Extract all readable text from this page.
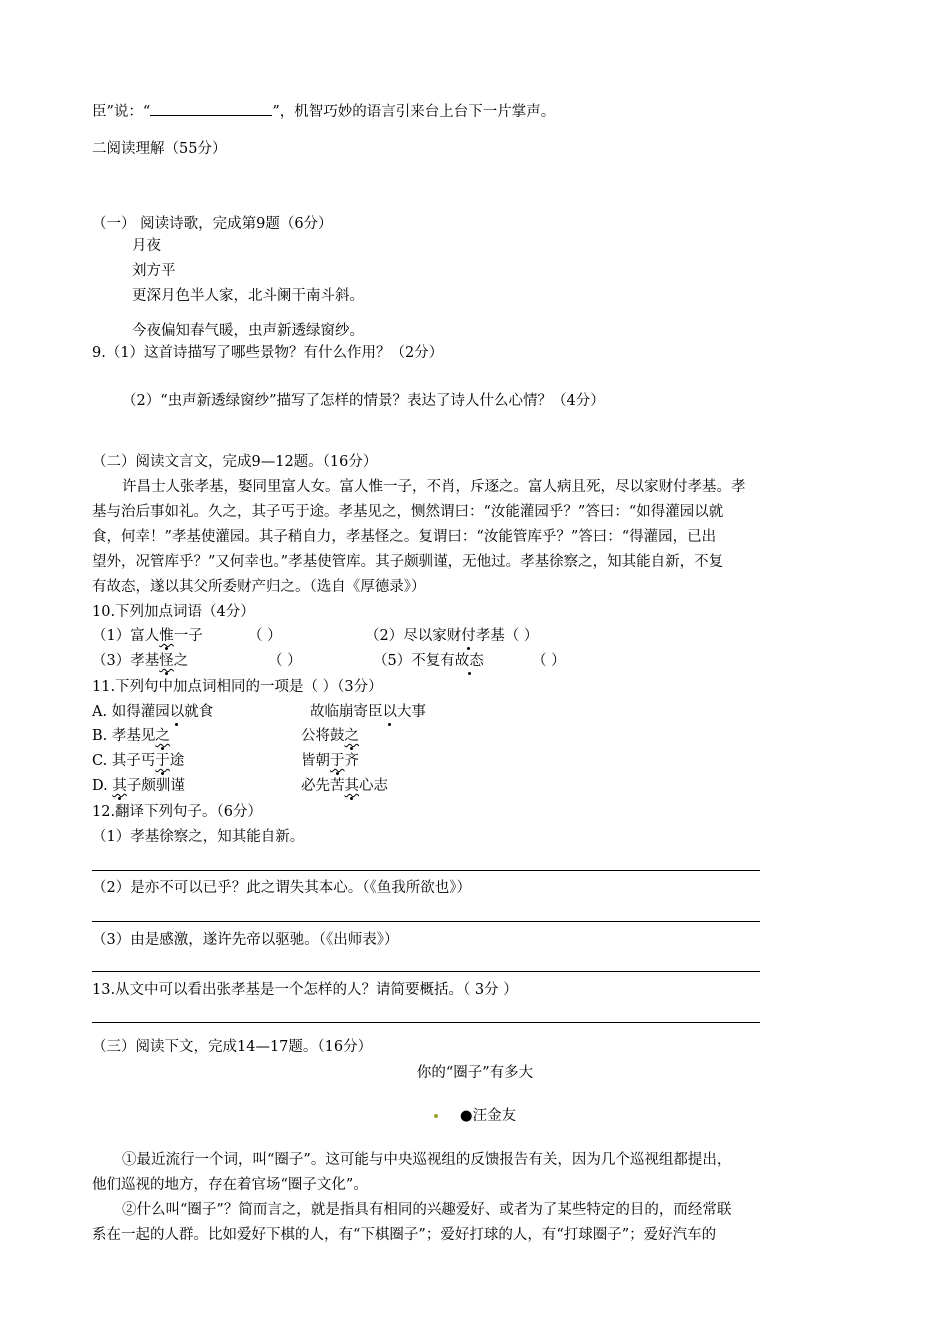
臣”说：“	”，机智巧妙的语言引来台上台下一片掌声。
二阅读理解（55分）
（一） 阅读诗歌，完成第9题（6分）
月夜
刘方平
更深月色半人家，北斗阑干南斗斜。
今夜偏知春气暖，虫声新透绿窗纱。
9.（1）这首诗描写了哪些景物？有什么作用？（2分）
（2）“虫声新透绿窗纱”描写了怎样的情景？表达了诗人什么心情？（4分）
（二）阅读文言文，完成9—12题。（16分）
许昌士人张孝基，娶同里富人女。富人惟一子，不肖，斥逐之。富人病且死，尽以家财付孝基。孝
基与治后事如礼。久之，其子丐于途。孝基见之，恻然谓曰：“汝能灌园乎？”答曰：“如得灌园以就
食，何幸！”孝基使灌园。其子稍自力，孝基怪之。复谓曰：“汝能管库乎？”答曰：“得灌园，已出
望外，况管库乎？”又何幸也。”孝基使管库。其子颇驯谨，无他过。孝基徐察之，知其能自新，不复
有故态，遂以其父所委财产归之。（选自《厚德录》）
10.下列加点词语（4分）
（1）富人惟一子	（ ）	（2）尽以家财付孝基（ ）
（3）孝基怪之	（ ）	（5）不复有故态	（ ）
11.下列句中加点词相同的一项是（ ）（3分）
A. 如得灌园以就食	故临崩寄臣以大事
B. 孝基见之	公将鼓之
C. 其子丐于途	皆朝于齐
D. 其子颇驯谨	必先苦其心志
12.翻译下列句子。（6分）
（1）孝基徐察之，知其能自新。
（2）是亦不可以已乎？此之谓失其本心。（《鱼我所欲也》）
（3）由是感激，遂许先帝以驱驰。（《出师表》）
13.从文中可以看出张孝基是一个怎样的人？请简要概括。（ 3分 ）
（三）阅读下文，完成14—17题。（16分）
你的“圈子”有多大
●汪金友
①最近流行一个词，叫“圈子”。这可能与中央巡视组的反馈报告有关，因为几个巡视组都提出，
他们巡视的地方，存在着官场“圈子文化”。
②什么叫“圈子”？简而言之，就是指具有相同的兴趣爱好、或者为了某些特定的目的，而经常联
系在一起的人群。比如爱好下棋的人，有“下棋圈子”；爱好打球的人，有“打球圈子”；爱好汽车的
